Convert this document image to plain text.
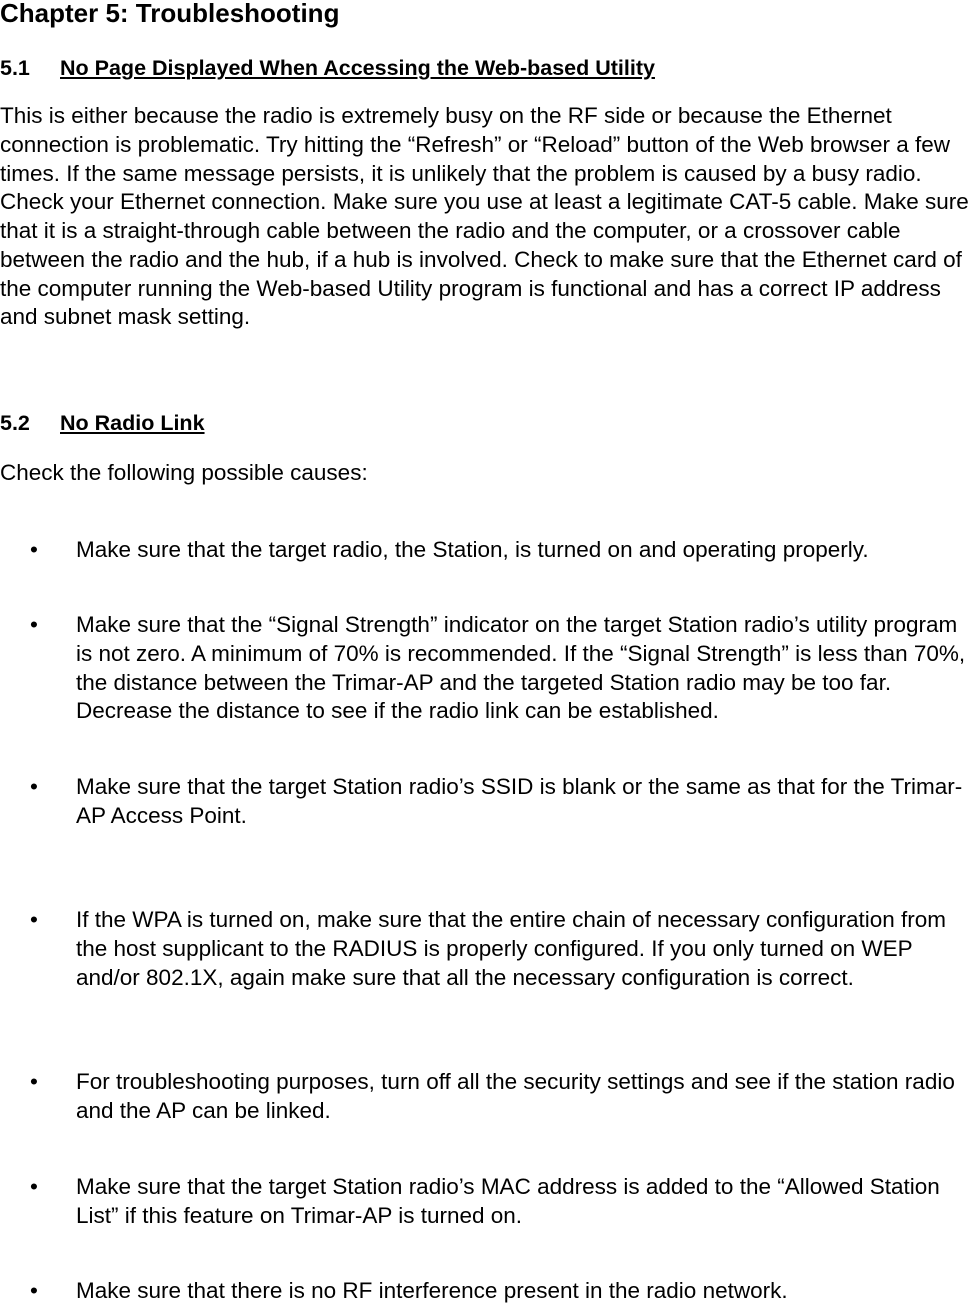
Chapter 5: Troubleshooting
5.1 No Page Displayed When Accessing the Web-based Utility

This is either because the radio is extremely busy on the RF side or because the Ethernet connection is problematic. Try hitting the “Refresh” or “Reload” button of the Web browser a few times. If the same message persists, it is unlikely that the problem is caused by a busy radio. Check your Ethernet connection. Make sure you use at least a legitimate CAT-5 cable. Make sure that it is a straight-through cable between the radio and the computer, or a crossover cable between the radio and the hub, if a hub is involved. Check to make sure that the Ethernet card of the computer running the Web-based Utility program is functional and has a correct IP address and subnet mask setting.

5.2 No Radio Link

Check the following possible causes:

• Make sure that the target radio, the Station, is turned on and operating properly.

• Make sure that the “Signal Strength” indicator on the target Station radio’s utility program is not zero. A minimum of 70% is recommended. If the “Signal Strength” is less than 70%, the distance between the Trimar-AP and the targeted Station radio may be too far. Decrease the distance to see if the radio link can be established.

• Make sure that the target Station radio’s SSID is blank or the same as that for the Trimar-AP Access Point.

• If the WPA is turned on, make sure that the entire chain of necessary configuration from the host supplicant to the RADIUS is properly configured. If you only turned on WEP and/or 802.1X, again make sure that all the necessary configuration is correct.

• For troubleshooting purposes, turn off all the security settings and see if the station radio and the AP can be linked.

• Make sure that the target Station radio’s MAC address is added to the “Allowed Station List” if this feature on Trimar-AP is turned on.

• Make sure that there is no RF interference present in the radio network.
